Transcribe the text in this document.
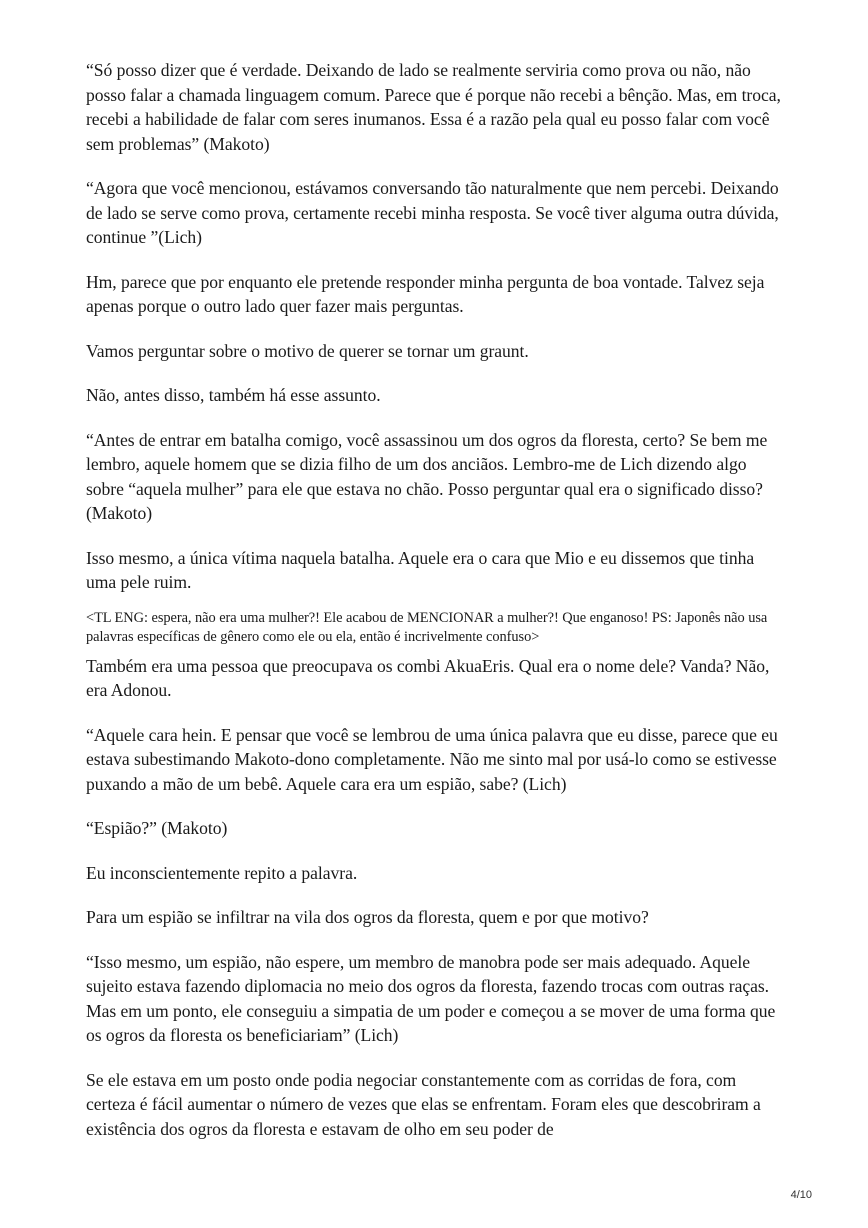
“Só posso dizer que é verdade. Deixando de lado se realmente serviria como prova ou não, não posso falar a chamada linguagem comum. Parece que é porque não recebi a bênção. Mas, em troca, recebi a habilidade de falar com seres inumanos. Essa é a razão pela qual eu posso falar com você sem problemas” (Makoto)

“Agora que você mencionou, estávamos conversando tão naturalmente que nem percebi. Deixando de lado se serve como prova, certamente recebi minha resposta. Se você tiver alguma outra dúvida, continue ”(Lich)

Hm, parece que por enquanto ele pretende responder minha pergunta de boa vontade. Talvez seja apenas porque o outro lado quer fazer mais perguntas.

Vamos perguntar sobre o motivo de querer se tornar um graunt.

Não, antes disso, também há esse assunto.

“Antes de entrar em batalha comigo, você assassinou um dos ogros da floresta, certo? Se bem me lembro, aquele homem que se dizia filho de um dos anciãos. Lembro-me de Lich dizendo algo sobre “aquela mulher” para ele que estava no chão. Posso perguntar qual era o significado disso? (Makoto)

Isso mesmo, a única vítima naquela batalha. Aquele era o cara que Mio e eu dissemos que tinha uma pele ruim.

<TL ENG: espera, não era uma mulher?! Ele acabou de MENCIONAR a mulher?! Que enganoso! PS: Japonês não usa palavras específicas de gênero como ele ou ela, então é incrivelmente confuso>

Também era uma pessoa que preocupava os combi AkuaEris. Qual era o nome dele? Vanda? Não, era Adonou.

“Aquele cara hein. E pensar que você se lembrou de uma única palavra que eu disse, parece que eu estava subestimando Makoto-dono completamente. Não me sinto mal por usá-lo como se estivesse puxando a mão de um bebê. Aquele cara era um espião, sabe? (Lich)

“Espião?” (Makoto)

Eu inconscientemente repito a palavra.

Para um espião se infiltrar na vila dos ogros da floresta, quem e por que motivo?

“Isso mesmo, um espião, não espere, um membro de manobra pode ser mais adequado. Aquele sujeito estava fazendo diplomacia no meio dos ogros da floresta, fazendo trocas com outras raças. Mas em um ponto, ele conseguiu a simpatia de um poder e começou a se mover de uma forma que os ogros da floresta os beneficiariam” (Lich)

Se ele estava em um posto onde podia negociar constantemente com as corridas de fora, com certeza é fácil aumentar o número de vezes que elas se enfrentam. Foram eles que descobriram a existência dos ogros da floresta e estavam de olho em seu poder de

4/10
